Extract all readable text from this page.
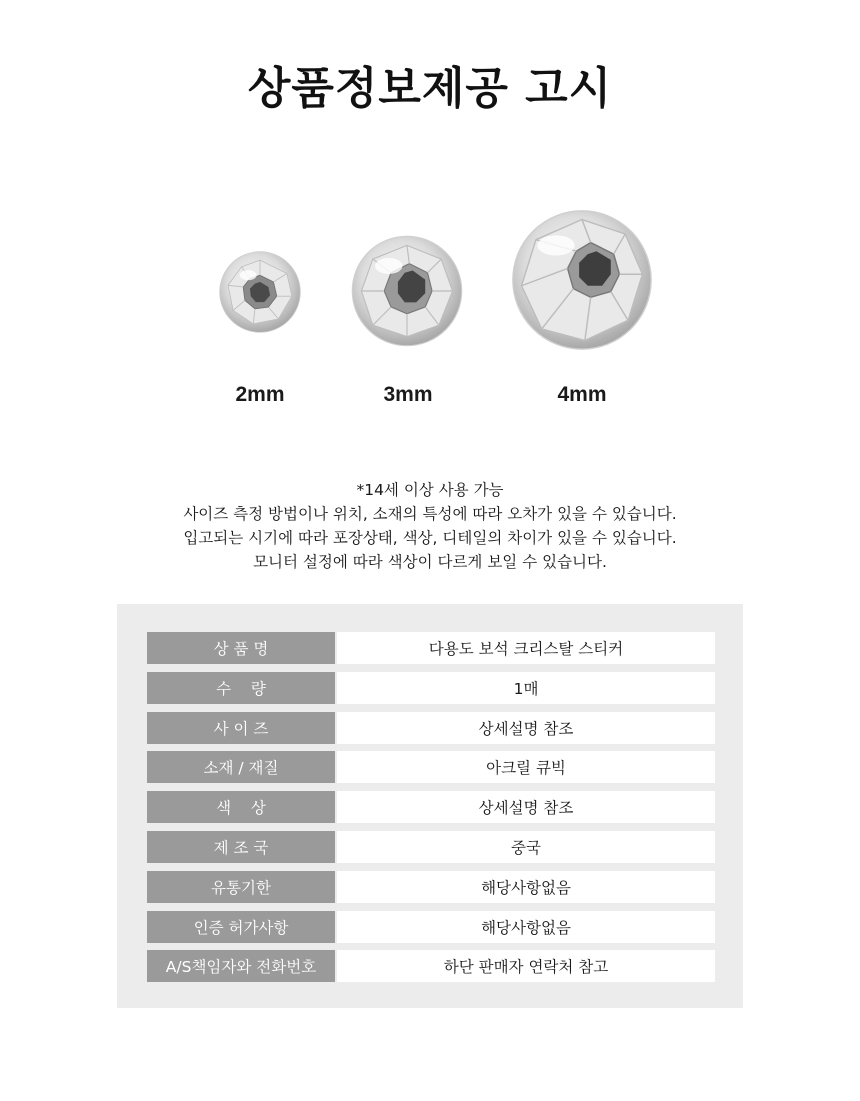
상품정보제공 고시
2mm	3mm	4mm
*14세 이상 사용 가능
사이즈 측정 방법이나 위치, 소재의 특성에 따라 오차가 있을 수 있습니다.
입고되는 시기에 따라 포장상태, 색상, 디테일의 차이가 있을 수 있습니다.
모니터 설정에 따라 색상이 다르게 보일 수 있습니다.
상 품 명	다용도 보석 크리스탈 스티커
수    량	1매
사 이 즈	상세설명 참조
소재 / 재질	아크릴 큐빅
색    상	상세설명 참조
제 조 국	중국
유통기한	해당사항없음
인증 허가사항	해당사항없음
A/S책임자와 전화번호	하단 판매자 연락처 참고
